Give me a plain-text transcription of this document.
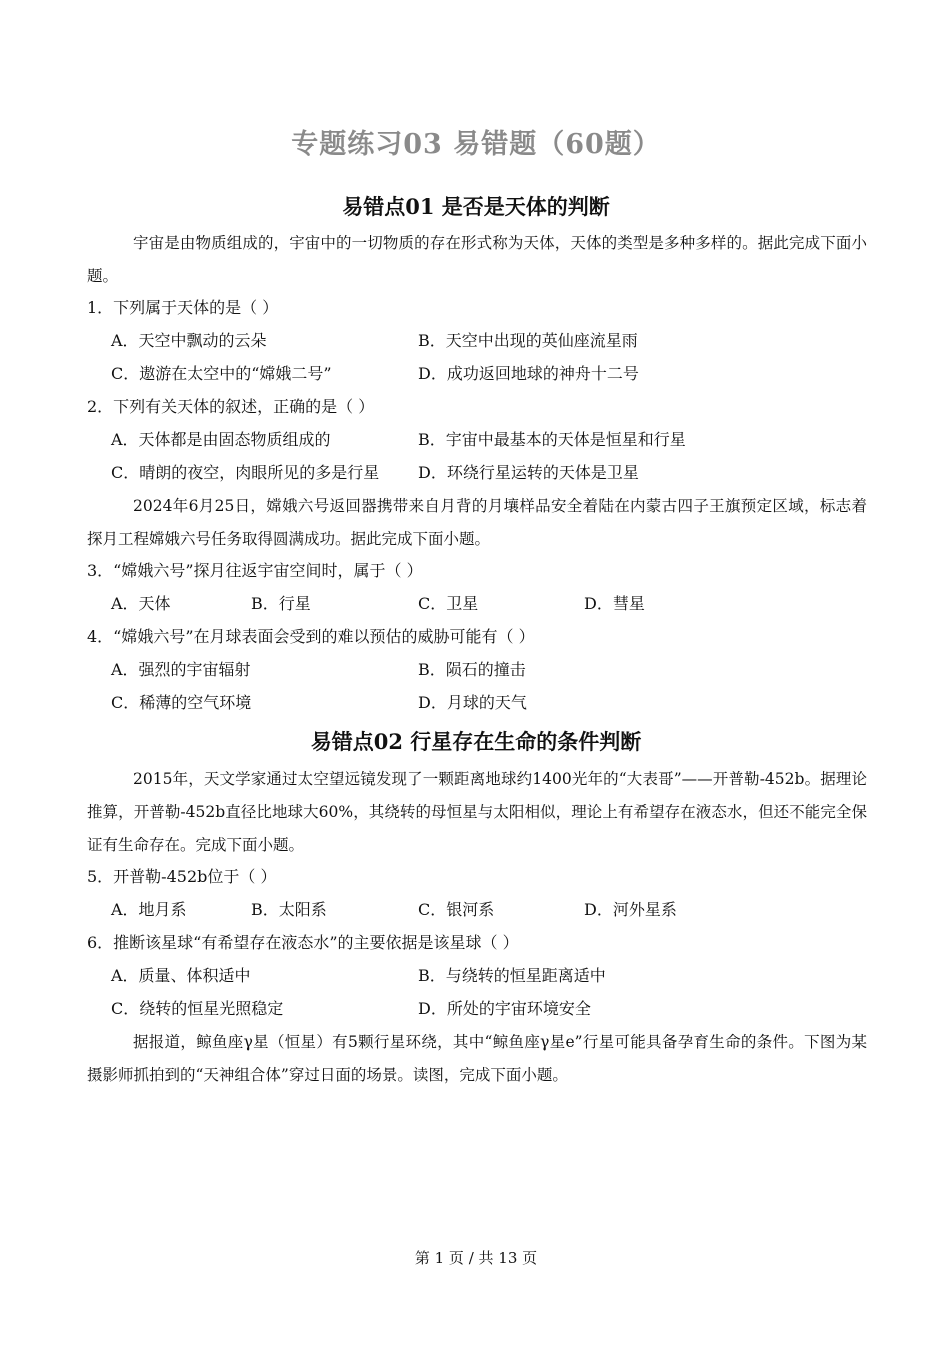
专题练习03 易错题（60题）
易错点01 是否是天体的判断

宇宙是由物质组成的，宇宙中的一切物质的存在形式称为天体，天体的类型是多种多样的。据此完成下面小题。

1．下列属于天体的是（ ）
A．天空中飘动的云朵	B．天空中出现的英仙座流星雨
C．遨游在太空中的“嫦娥二号”	D．成功返回地球的神舟十二号
2．下列有关天体的叙述，正确的是（ ）
A．天体都是由固态物质组成的	B．宇宙中最基本的天体是恒星和行星
C．晴朗的夜空，肉眼所见的多是行星 D．环绕行星运转的天体是卫星

2024年6月25日，嫦娥六号返回器携带来自月背的月壤样品安全着陆在内蒙古四子王旗预定区域，标志着探月工程嫦娥六号任务取得圆满成功。据此完成下面小题。

3．“嫦娥六号”探月往返宇宙空间时，属于（ ）
A．天体	B．行星	C．卫星	D．彗星
4．“嫦娥六号”在月球表面会受到的难以预估的威胁可能有（ ）
A．强烈的宇宙辐射	B．陨石的撞击
C．稀薄的空气环境	D．月球的天气
易错点02 行星存在生命的条件判断

2015年，天文学家通过太空望远镜发现了一颗距离地球约1400光年的“大表哥”——开普勒-452b。据理论推算，开普勒-452b直径比地球大60%，其绕转的母恒星与太阳相似，理论上有希望存在液态水，但还不能完全保证有生命存在。完成下面小题。

5．开普勒-452b位于（ ）
A．地月系	B．太阳系	C．银河系	D．河外星系
6．推断该星球“有希望存在液态水”的主要依据是该星球（ ）
A．质量、体积适中	B．与绕转的恒星距离适中
C．绕转的恒星光照稳定	D．所处的宇宙环境安全

据报道，鲸鱼座γ星（恒星）有5颗行星环绕，其中“鲸鱼座γ星e”行星可能具备孕育生命的条件。下图为某摄影师抓拍到的“天神组合体”穿过日面的场景。读图，完成下面小题。

第 1 页 / 共 13 页
